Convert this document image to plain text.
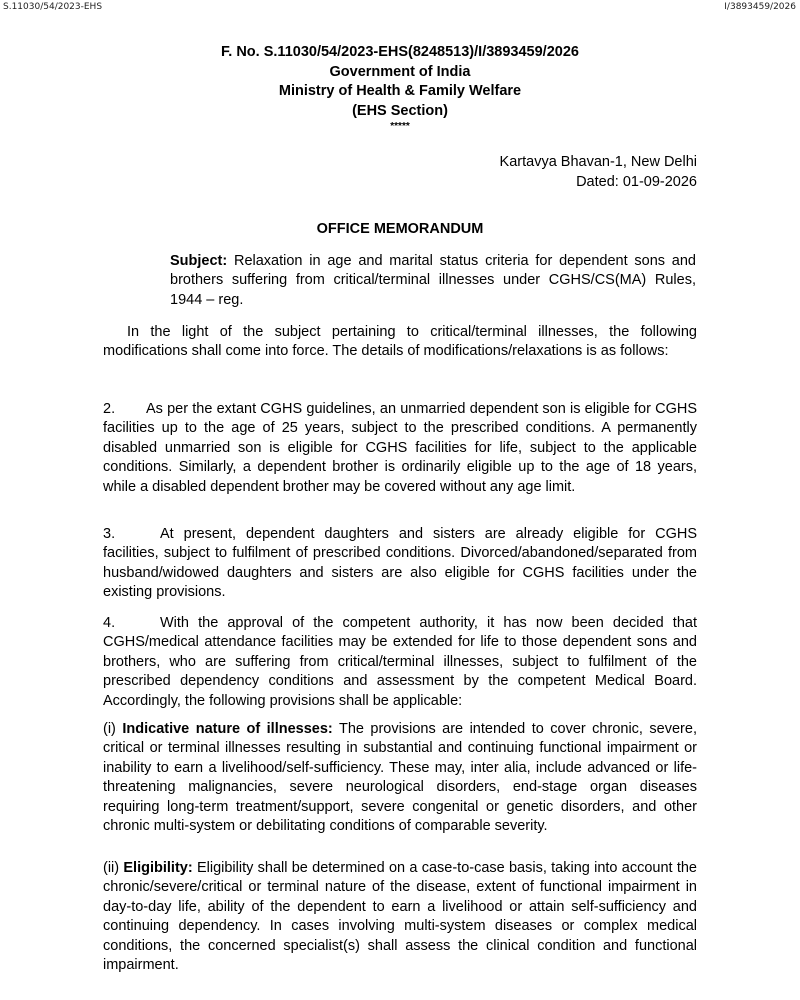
S.11030/54/2023-EHS	I/3893459/2026
F. No. S.11030/54/2023-EHS(8248513)/I/3893459/2026
Government of India
Ministry of Health & Family Welfare
(EHS Section)
*****
Kartavya Bhavan-1, New Delhi
Dated: 01-09-2026
OFFICE MEMORANDUM
Subject: Relaxation in age and marital status criteria for dependent sons and brothers suffering from critical/terminal illnesses under CGHS/CS(MA) Rules, 1944 – reg.
In the light of the subject pertaining to critical/terminal illnesses, the following modifications shall come into force. The details of modifications/relaxations is as follows:
2. As per the extant CGHS guidelines, an unmarried dependent son is eligible for CGHS facilities up to the age of 25 years, subject to the prescribed conditions. A permanently disabled unmarried son is eligible for CGHS facilities for life, subject to the applicable conditions. Similarly, a dependent brother is ordinarily eligible up to the age of 18 years, while a disabled dependent brother may be covered without any age limit.
3.	At present, dependent daughters and sisters are already eligible for CGHS facilities, subject to fulfilment of prescribed conditions. Divorced/abandoned/separated from husband/widowed daughters and sisters are also eligible for CGHS facilities under the existing provisions.
4.	With the approval of the competent authority, it has now been decided that CGHS/medical attendance facilities may be extended for life to those dependent sons and brothers, who are suffering from critical/terminal illnesses, subject to fulfilment of the prescribed dependency conditions and assessment by the competent Medical Board. Accordingly, the following provisions shall be applicable:
(i) Indicative nature of illnesses: The provisions are intended to cover chronic, severe, critical or terminal illnesses resulting in substantial and continuing functional impairment or inability to earn a livelihood/self-sufficiency. These may, inter alia, include advanced or life-threatening malignancies, severe neurological disorders, end-stage organ diseases requiring long-term treatment/support, severe congenital or genetic disorders, and other chronic multi-system or debilitating conditions of comparable severity.
(ii) Eligibility: Eligibility shall be determined on a case-to-case basis, taking into account the chronic/severe/critical or terminal nature of the disease, extent of functional impairment in day-to-day life, ability of the dependent to earn a livelihood or attain self-sufficiency and continuing dependency. In cases involving multi-system diseases or complex medical conditions, the concerned specialist(s) shall assess the clinical condition and functional impairment.
